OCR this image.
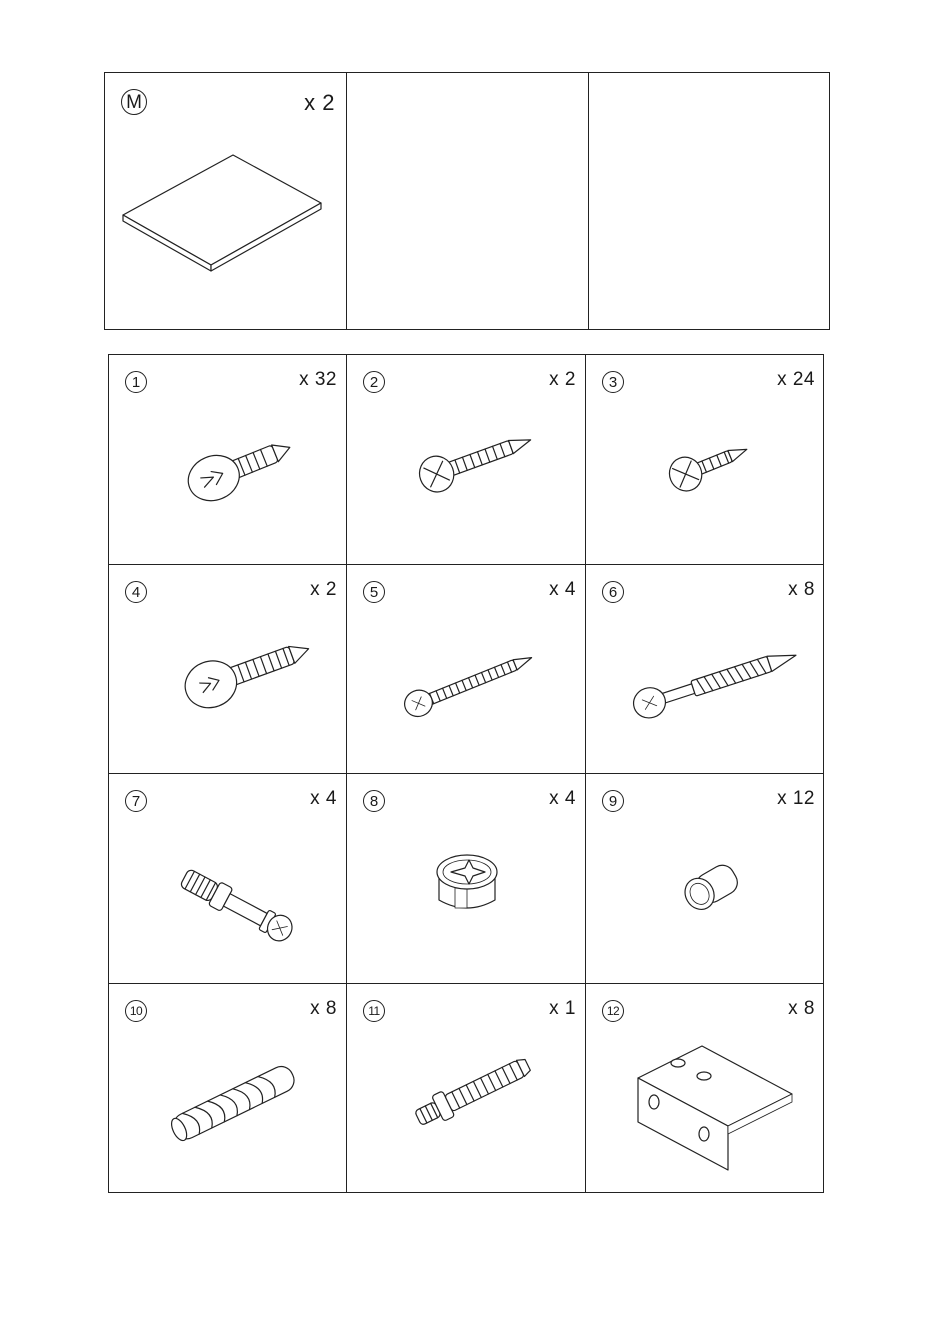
M	x 2
1	x 32	2	x 2	3	x 24
4	x 2	5	x 4	6	x 8
7	x 4	8	x 4	9	x 12
10	x 8	11	x 1	12	x 8
